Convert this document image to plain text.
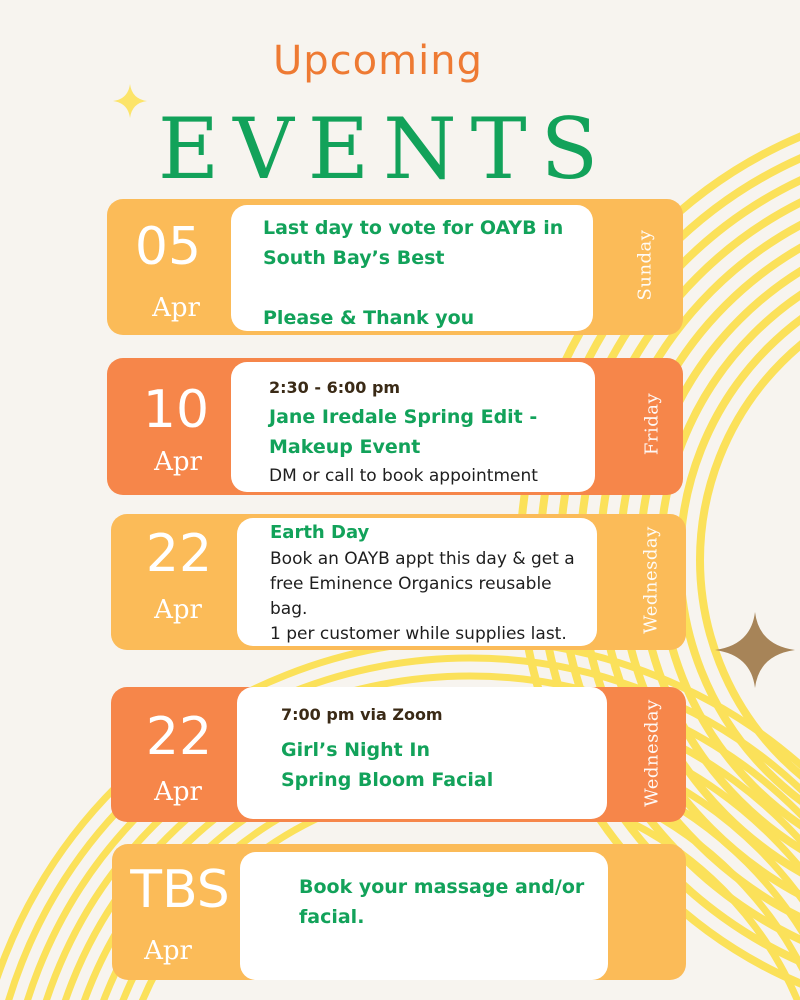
Upcoming
EVENTS
05
Apr
Last day to vote for OAYB in
South Bay’s Best
Please & Thank you
Sunday
10
Apr
2:30 - 6:00 pm
Jane Iredale Spring Edit -
Makeup Event
DM or call to book appointment
Friday
22
Apr
Earth Day
Book an OAYB appt this day & get a
free Eminence Organics reusable
bag.
1 per customer while supplies last.
Wednesday
22
Apr
7:00 pm via Zoom
Girl’s Night In
Spring Bloom Facial	Wednesday
TBS
Apr
Book your massage and/or
facial.
